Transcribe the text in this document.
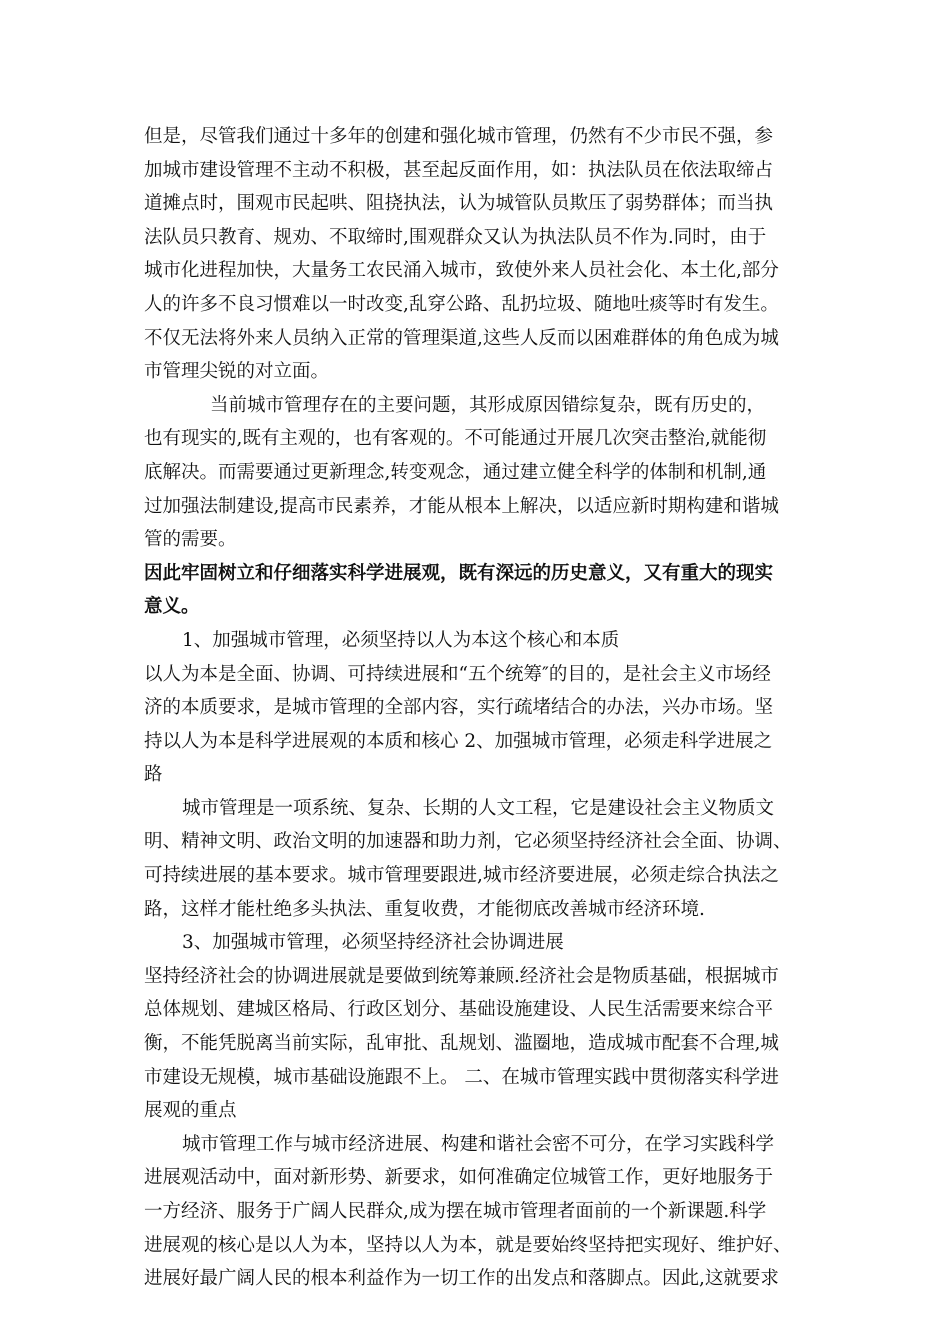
但是，尽管我们通过十多年的创建和强化城市管理，仍然有不少市民不强，参
加城市建设管理不主动不积极，甚至起反面作用，如：执法队员在依法取缔占
道摊点时，围观市民起哄、阻挠执法，认为城管队员欺压了弱势群体；而当执
法队员只教育、规劝、不取缔时,围观群众又认为执法队员不作为.同时，由于
城市化进程加快，大量务工农民涌入城市，致使外来人员社会化、本土化,部分
人的许多不良习惯难以一时改变,乱穿公路、乱扔垃圾、随地吐痰等时有发生。
不仅无法将外来人员纳入正常的管理渠道,这些人反而以困难群体的角色成为城
市管理尖锐的对立面。
当前城市管理存在的主要问题，其形成原因错综复杂，既有历史的，
也有现实的,既有主观的，也有客观的。不可能通过开展几次突击整治,就能彻
底解决。而需要通过更新理念,转变观念，通过建立健全科学的体制和机制,通
过加强法制建设,提高市民素养，才能从根本上解决，以适应新时期构建和谐城
管的需要。
因此牢固树立和仔细落实科学进展观，既有深远的历史意义，又有重大的现实
意义。
1、加强城市管理，必须坚持以人为本这个核心和本质
以人为本是全面、协调、可持续进展和“五个统筹″的目的，是社会主义市场经
济的本质要求，是城市管理的全部内容，实行疏堵结合的办法，兴办市场。坚
持以人为本是科学进展观的本质和核心 2、加强城市管理，必须走科学进展之
路
城市管理是一项系统、复杂、长期的人文工程，它是建设社会主义物质文
明、精神文明、政治文明的加速器和助力剂，它必须坚持经济社会全面、协调、
可持续进展的基本要求。城市管理要跟进,城市经济要进展，必须走综合执法之
路，这样才能杜绝多头执法、重复收费，才能彻底改善城市经济环境.
3、加强城市管理，必须坚持经济社会协调进展
坚持经济社会的协调进展就是要做到统筹兼顾.经济社会是物质基础，根据城市
总体规划、建城区格局、行政区划分、基础设施建设、人民生活需要来综合平
衡，不能凭脱离当前实际，乱审批、乱规划、滥圈地，造成城市配套不合理,城
市建设无规模，城市基础设施跟不上。 二、在城市管理实践中贯彻落实科学进
展观的重点
城市管理工作与城市经济进展、构建和谐社会密不可分，在学习实践科学
进展观活动中，面对新形势、新要求，如何准确定位城管工作，更好地服务于
一方经济、服务于广阔人民群众,成为摆在城市管理者面前的一个新课题.科学
进展观的核心是以人为本，坚持以人为本，就是要始终坚持把实现好、维护好、
进展好最广阔人民的根本利益作为一切工作的出发点和落脚点。因此,这就要求
